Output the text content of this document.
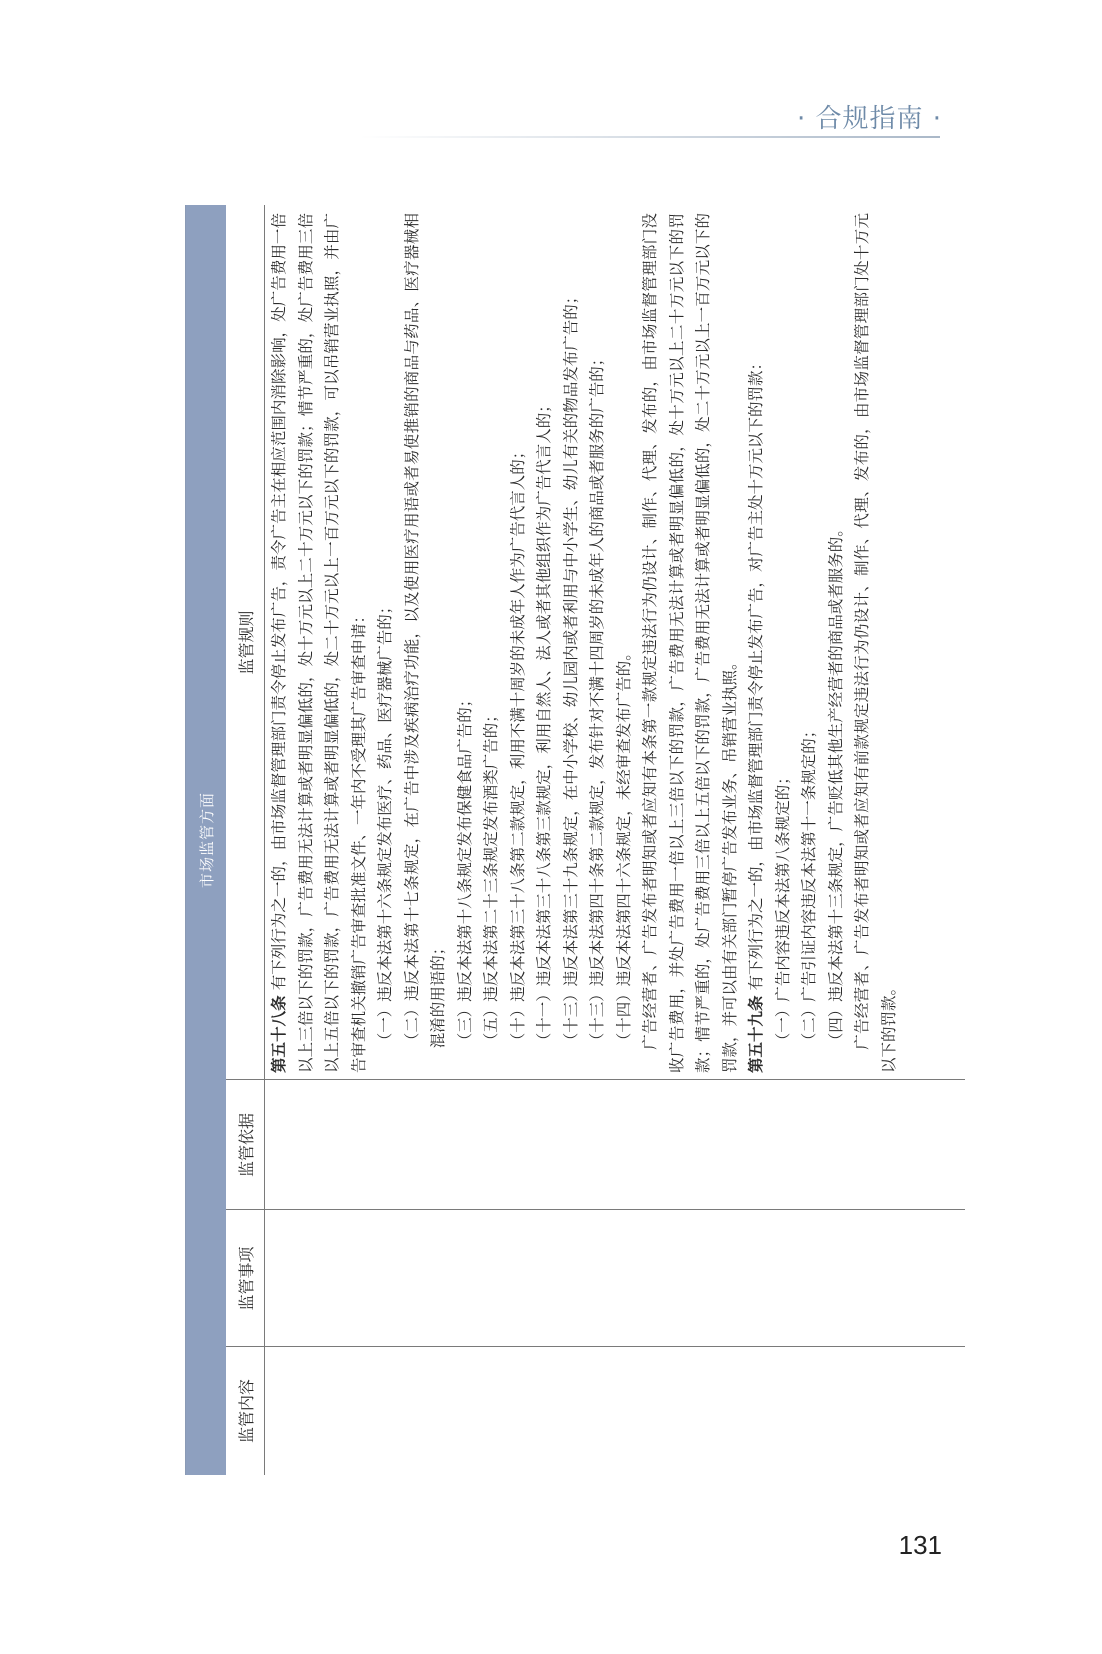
· 合规指南 ·
市场监管方面
监管内容
监管事项
监管依据
监管规则

第五十八条 有下列行为之一的，由市场监督管理部门责令停止发布广告，责令广告主在相应范围内消除影响，处广告费用一倍以上三倍以下的罚款，广告费用无法计算或者明显偏低的，处十万元以上二十万元以下的罚款；情节严重的，处广告费用三倍以上五倍以下的罚款，广告费用无法计算或者明显偏低的，处二十万元以上一百万元以下的罚款，可以吊销营业执照，并由广告审查机关撤销广告审查批准文件、一年内不受理其广告审查申请： （一）违反本法第十六条规定发布医疗、药品、医疗器械广告的； （二）违反本法第十七条规定，在广告中涉及疾病治疗功能，以及使用医疗用语或者易使推销的商品与药品、医疗器械相混淆的用语的； （三）违反本法第十八条规定发布保健食品广告的； （五）违反本法第二十三条规定发布酒类广告的； （十）违反本法第三十八条第二款规定，利用不满十周岁的未成年人作为广告代言人的； （十一）违反本法第三十八条第三款规定，利用自然人、法人或者其他组织作为广告代言人的； （十三）违反本法第三十九条规定，在中小学校、幼儿园内或者利用与中小学生、幼儿有关的物品发布广告的； （十三）违反本法第四十条第二款规定，发布针对不满十四周岁的未成年人的商品或者服务的广告的； （十四）违反本法第四十六条规定，未经审查发布广告的。 广告经营者、广告发布者明知或者应知有本条第一款规定违法行为仍设计、制作、代理、发布的，由市场监督管理部门没收广告费用，并处广告费用一倍以上三倍以下的罚款，广告费用无法计算或者明显偏低的，处十万元以上二十万元以下的罚款；情节严重的，处广告费用三倍以上五倍以下的罚款，广告费用无法计算或者明显偏低的，处二十万元以上一百万元以下的罚款，并可以由有关部门暂停广告发布业务、吊销营业执照。 第五十九条 有下列行为之一的，由市场监督管理部门责令停止发布广告，对广告主处十万元以下的罚款： （一）广告内容违反本法第八条规定的； （二）广告引证内容违反本法第十一条规定的； （四）违反本法第十三条规定，广告贬低其他生产经营者的商品或者服务的。 广告经营者、广告发布者明知或者应知有前款规定违法行为仍设计、制作、代理、发布的，由市场监督管理部门处十万元以下的罚款。

131
